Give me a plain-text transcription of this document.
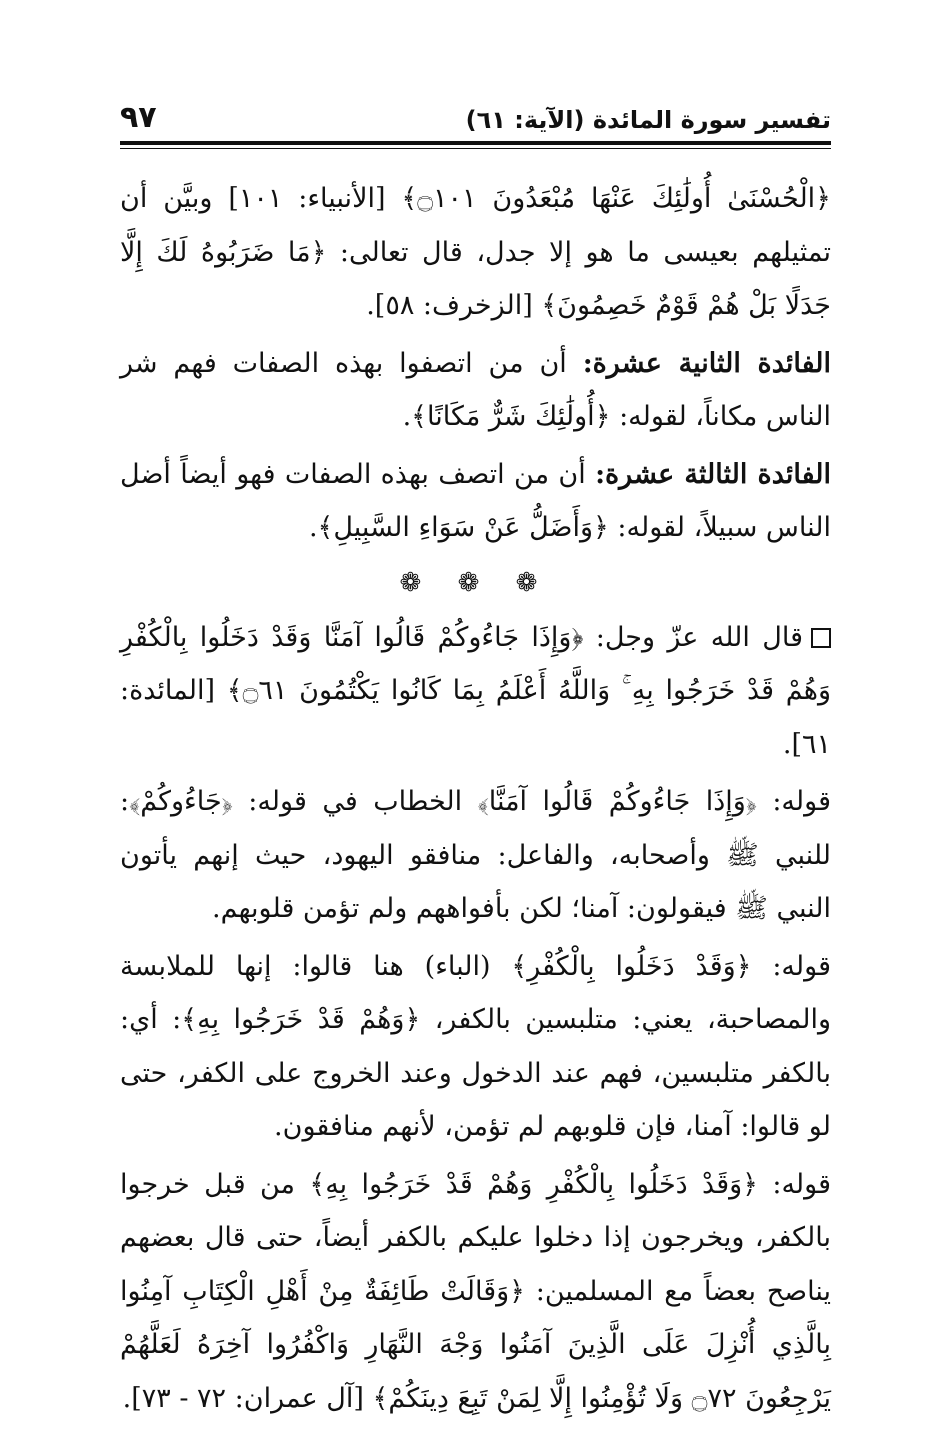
تفسير سورة المائدة (الآية: ٦١)
٩٧

﴿الْحُسْنَىٰ أُولَٰئِكَ عَنْهَا مُبْعَدُونَ ۝١٠١﴾ [الأنبياء: ١٠١] وبيَّن أن تمثيلهم بعيسى ما هو إلا جدل، قال تعالى: ﴿مَا ضَرَبُوهُ لَكَ إِلَّا جَدَلًا بَلْ هُمْ قَوْمٌ خَصِمُونَ﴾ [الزخرف: ٥٨].

الفائدة الثانية عشرة: أن من اتصفوا بهذه الصفات فهم شر الناس مكاناً، لقوله: ﴿أُولَٰئِكَ شَرٌّ مَكَانًا﴾.

الفائدة الثالثة عشرة: أن من اتصف بهذه الصفات فهو أيضاً أضل الناس سبيلاً، لقوله: ﴿وَأَضَلُّ عَنْ سَوَاءِ السَّبِيلِ﴾.

❁ ❁ ❁

قال الله عزّ وجل: ﴿وَإِذَا جَاءُوكُمْ قَالُوا آمَنَّا وَقَدْ دَخَلُوا بِالْكُفْرِ وَهُمْ قَدْ خَرَجُوا بِهِ ۚ وَاللَّهُ أَعْلَمُ بِمَا كَانُوا يَكْتُمُونَ ۝٦١﴾ [المائدة: ٦١].

قوله: ﴿وَإِذَا جَاءُوكُمْ قَالُوا آمَنَّا﴾ الخطاب في قوله: ﴿جَاءُوكُمْ﴾: للنبي ﷺ وأصحابه، والفاعل: منافقو اليهود، حيث إنهم يأتون النبي ﷺ فيقولون: آمنا؛ لكن بأفواههم ولم تؤمن قلوبهم.

قوله: ﴿وَقَدْ دَخَلُوا بِالْكُفْرِ﴾ (الباء) هنا قالوا: إنها للملابسة والمصاحبة، يعني: متلبسين بالكفر، ﴿وَهُمْ قَدْ خَرَجُوا بِهِ﴾: أي: بالكفر متلبسين، فهم عند الدخول وعند الخروج على الكفر، حتى لو قالوا: آمنا، فإن قلوبهم لم تؤمن، لأنهم منافقون.

قوله: ﴿وَقَدْ دَخَلُوا بِالْكُفْرِ وَهُمْ قَدْ خَرَجُوا بِهِ﴾ من قبل خرجوا بالكفر، ويخرجون إذا دخلوا عليكم بالكفر أيضاً، حتى قال بعضهم يناصح بعضاً مع المسلمين: ﴿وَقَالَتْ طَائِفَةٌ مِنْ أَهْلِ الْكِتَابِ آمِنُوا بِالَّذِي أُنْزِلَ عَلَى الَّذِينَ آمَنُوا وَجْهَ النَّهَارِ وَاكْفُرُوا آخِرَهُ لَعَلَّهُمْ يَرْجِعُونَ ۝٧٢ وَلَا تُؤْمِنُوا إِلَّا لِمَنْ تَبِعَ دِينَكُمْ﴾ [آل عمران: ٧٢ - ٧٣].
